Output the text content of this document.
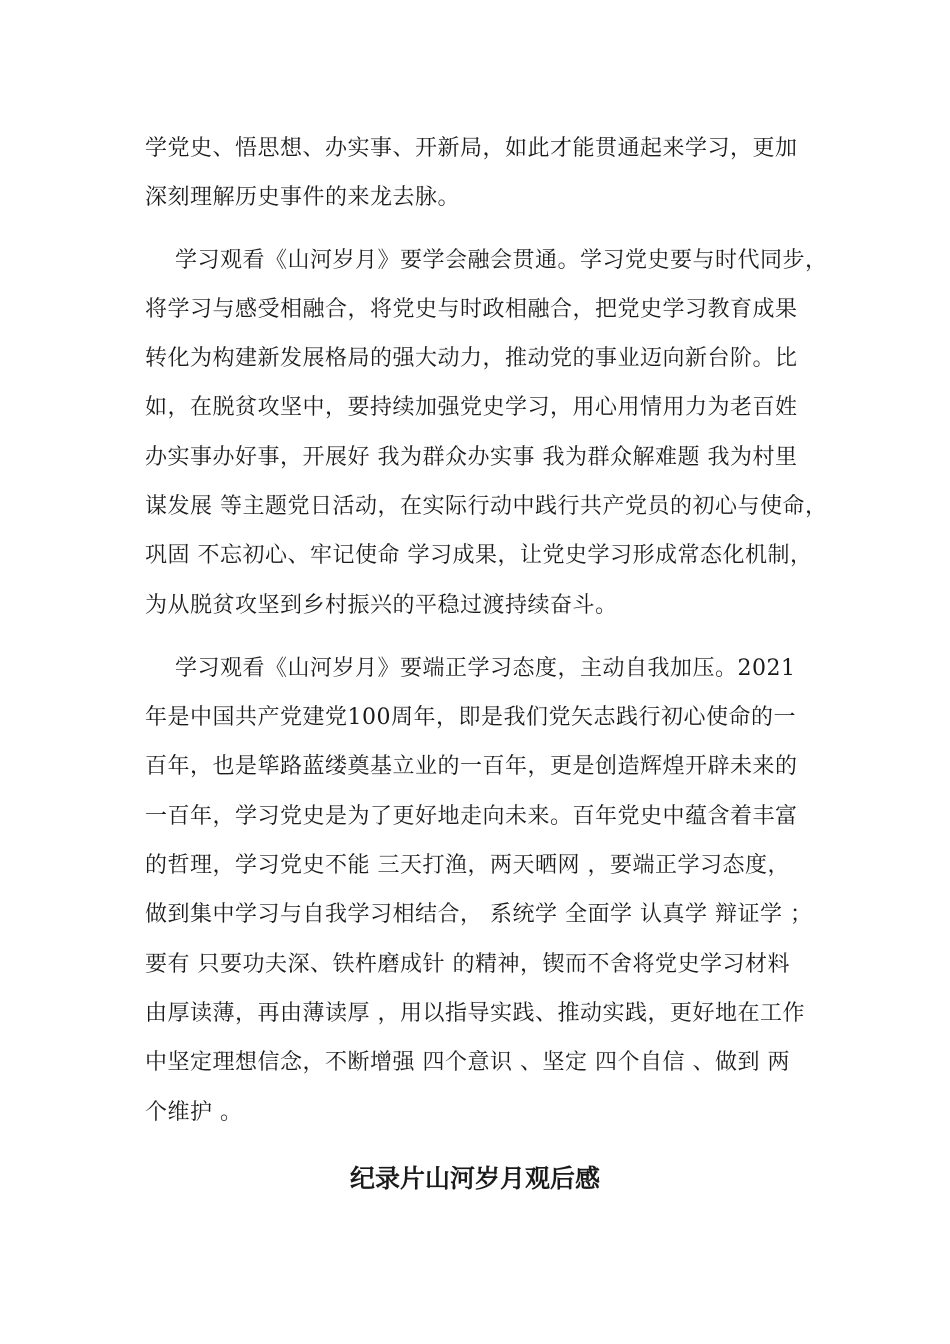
学党史、悟思想、办实事、开新局，如此才能贯通起来学习，更加
深刻理解历史事件的来龙去脉。
学习观看《山河岁月》要学会融会贯通。学习党史要与时代同步，
将学习与感受相融合，将党史与时政相融合，把党史学习教育成果
转化为构建新发展格局的强大动力，推动党的事业迈向新台阶。比
如，在脱贫攻坚中，要持续加强党史学习，用心用情用力为老百姓
办实事办好事，开展好 我为群众办实事 我为群众解难题 我为村里
谋发展 等主题党日活动，在实际行动中践行共产党员的初心与使命，
巩固 不忘初心、牢记使命 学习成果，让党史学习形成常态化机制，
为从脱贫攻坚到乡村振兴的平稳过渡持续奋斗。
学习观看《山河岁月》要端正学习态度，主动自我加压。2021
年是中国共产党建党100周年，即是我们党矢志践行初心使命的一
百年，也是筚路蓝缕奠基立业的一百年，更是创造辉煌开辟未来的
一百年，学习党史是为了更好地走向未来。百年党史中蕴含着丰富
的哲理，学习党史不能 三天打渔，两天晒网 ，要端正学习态度，
做到集中学习与自我学习相结合， 系统学 全面学 认真学 辩证学 ；
要有 只要功夫深、铁杵磨成针 的精神，锲而不舍将党史学习材料
由厚读薄，再由薄读厚 ，用以指导实践、推动实践，更好地在工作
中坚定理想信念，不断增强 四个意识 、坚定 四个自信 、做到 两
个维护 。
纪录片山河岁月观后感
